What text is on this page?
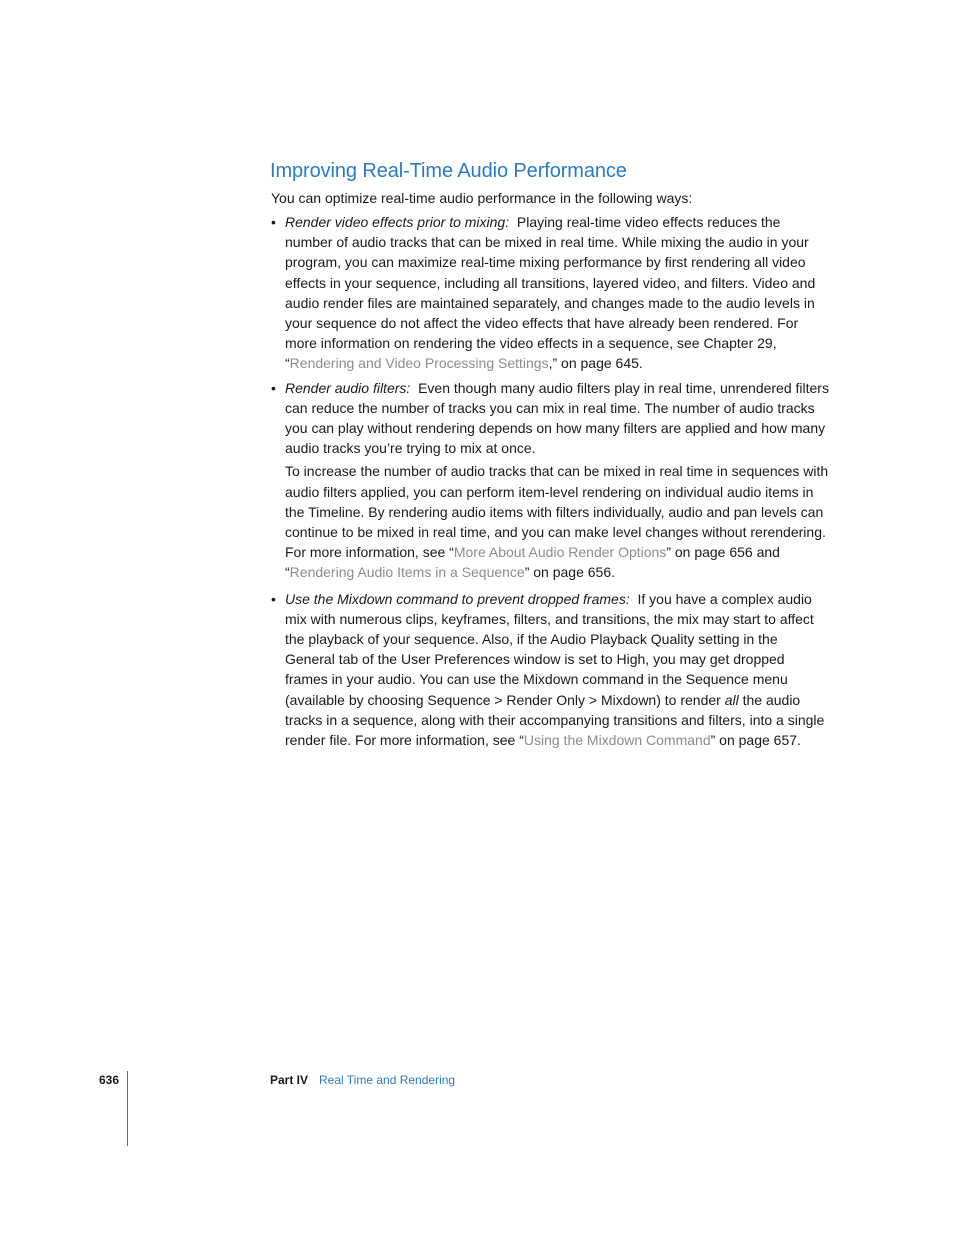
Improving Real-Time Audio Performance

You can optimize real-time audio performance in the following ways:

• Render video effects prior to mixing: Playing real-time video effects reduces the number of audio tracks that can be mixed in real time. While mixing the audio in your program, you can maximize real-time mixing performance by first rendering all video effects in your sequence, including all transitions, layered video, and filters. Video and audio render files are maintained separately, and changes made to the audio levels in your sequence do not affect the video effects that have already been rendered. For more information on rendering the video effects in a sequence, see Chapter 29, “Rendering and Video Processing Settings,” on page 645.

• Render audio filters: Even though many audio filters play in real time, unrendered filters can reduce the number of tracks you can mix in real time. The number of audio tracks you can play without rendering depends on how many filters are applied and how many audio tracks you’re trying to mix at once.

To increase the number of audio tracks that can be mixed in real time in sequences with audio filters applied, you can perform item-level rendering on individual audio items in the Timeline. By rendering audio items with filters individually, audio and pan levels can continue to be mixed in real time, and you can make level changes without rerendering. For more information, see “More About Audio Render Options” on page 656 and “Rendering Audio Items in a Sequence” on page 656.

• Use the Mixdown command to prevent dropped frames: If you have a complex audio mix with numerous clips, keyframes, filters, and transitions, the mix may start to affect the playback of your sequence. Also, if the Audio Playback Quality setting in the General tab of the User Preferences window is set to High, you may get dropped frames in your audio. You can use the Mixdown command in the Sequence menu (available by choosing Sequence > Render Only > Mixdown) to render all the audio tracks in a sequence, along with their accompanying transitions and filters, into a single render file. For more information, see “Using the Mixdown Command” on page 657.

636	Part IV Real Time and Rendering
